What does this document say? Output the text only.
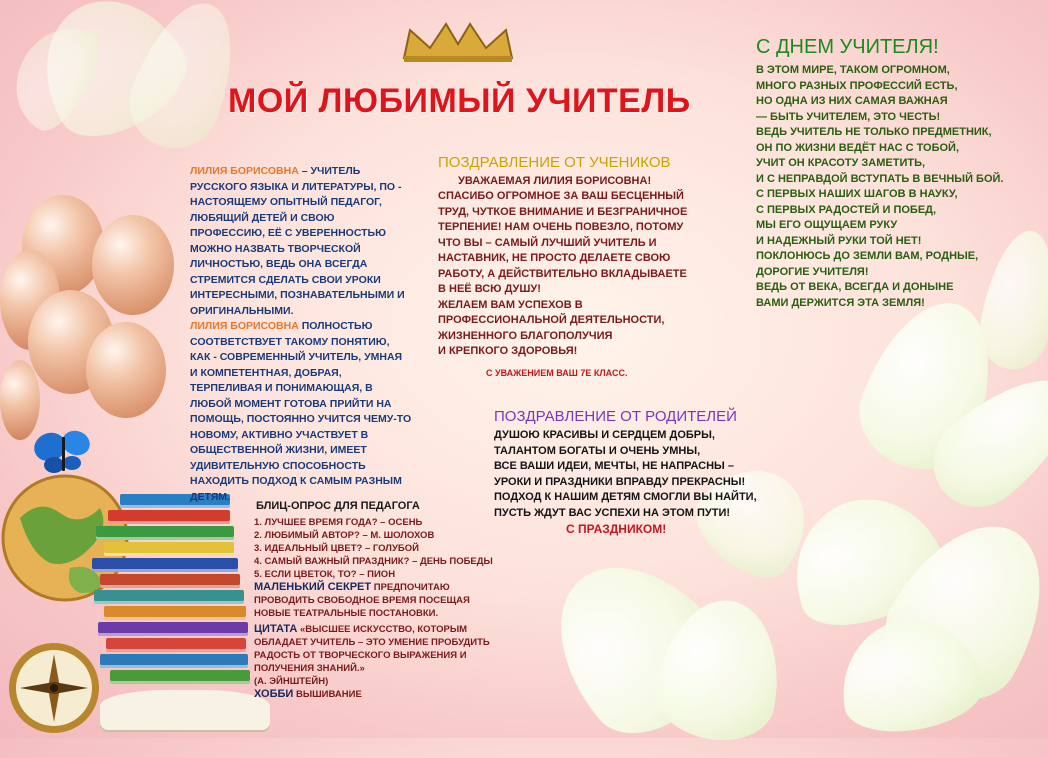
МОЙ ЛЮБИМЫЙ УЧИТЕЛЬ
ЛИЛИЯ БОРИСОВНА – УЧИТЕЛЬ РУССКОГО ЯЗЫКА И ЛИТЕРАТУРЫ, ПО - НАСТОЯЩЕМУ ОПЫТНЫЙ ПЕДАГОГ, ЛЮБЯЩИЙ ДЕТЕЙ И СВОЮ ПРОФЕССИЮ, ЕЁ С УВЕРЕННОСТЬЮ МОЖНО НАЗВАТЬ ТВОРЧЕСКОЙ ЛИЧНОСТЬЮ, ВЕДЬ ОНА ВСЕГДА СТРЕМИТСЯ СДЕЛАТЬ СВОИ УРОКИ ИНТЕРЕСНЫМИ, ПОЗНАВАТЕЛЬНЫМИ И ОРИГИНАЛЬНЫМИ.
ЛИЛИЯ БОРИСОВНА ПОЛНОСТЬЮ СООТВЕТСТВУЕТ ТАКОМУ ПОНЯТИЮ, КАК - СОВРЕМЕННЫЙ УЧИТЕЛЬ, УМНАЯ И КОМПЕТЕНТНАЯ, ДОБРАЯ, ТЕРПЕЛИВАЯ И ПОНИМАЮЩАЯ, В ЛЮБОЙ МОМЕНТ ГОТОВА ПРИЙТИ НА ПОМОЩЬ, ПОСТОЯННО УЧИТСЯ ЧЕМУ-ТО НОВОМУ, АКТИВНО УЧАСТВУЕТ В ОБЩЕСТВЕННОЙ ЖИЗНИ, ИМЕЕТ УДИВИТЕЛЬНУЮ СПОСОБНОСТЬ НАХОДИТЬ ПОДХОД К САМЫМ РАЗНЫМ ДЕТЯМ.
ПОЗДРАВЛЕНИЕ ОТ УЧЕНИКОВ
УВАЖАЕМАЯ ЛИЛИЯ БОРИСОВНА!
СПАСИБО ОГРОМНОЕ ЗА ВАШ БЕСЦЕННЫЙ
ТРУД, ЧУТКОЕ ВНИМАНИЕ И БЕЗГРАНИЧНОЕ
ТЕРПЕНИЕ! НАМ ОЧЕНЬ ПОВЕЗЛО, ПОТОМУ
ЧТО ВЫ – САМЫЙ ЛУЧШИЙ УЧИТЕЛЬ И
НАСТАВНИК, НЕ ПРОСТО ДЕЛАЕТЕ СВОЮ
РАБОТУ, А ДЕЙСТВИТЕЛЬНО ВКЛАДЫВАЕТЕ
В НЕЁ ВСЮ ДУШУ!
ЖЕЛАЕМ ВАМ УСПЕХОВ В
ПРОФЕССИОНАЛЬНОЙ ДЕЯТЕЛЬНОСТИ,
ЖИЗНЕННОГО БЛАГОПОЛУЧИЯ
И КРЕПКОГО ЗДОРОВЬЯ!
С УВАЖЕНИЕМ ВАШ 7Е КЛАСС.
С ДНЕМ УЧИТЕЛЯ!
В ЭТОМ МИРЕ, ТАКОМ ОГРОМНОМ,
МНОГО РАЗНЫХ ПРОФЕССИЙ ЕСТЬ,
НО ОДНА ИЗ НИХ САМАЯ ВАЖНАЯ
— БЫТЬ УЧИТЕЛЕМ, ЭТО ЧЕСТЬ!
ВЕДЬ УЧИТЕЛЬ НЕ ТОЛЬКО ПРЕДМЕТНИК,
ОН ПО ЖИЗНИ ВЕДЁТ НАС С ТОБОЙ,
УЧИТ ОН КРАСОТУ ЗАМЕТИТЬ,
И С НЕПРАВДОЙ ВСТУПАТЬ В ВЕЧНЫЙ БОЙ.
С ПЕРВЫХ НАШИХ ШАГОВ В НАУКУ,
С ПЕРВЫХ РАДОСТЕЙ И ПОБЕД,
МЫ ЕГО ОЩУЩАЕМ РУКУ
И НАДЕЖНЫЙ РУКИ ТОЙ НЕТ!
ПОКЛОНЮСЬ ДО ЗЕМЛИ ВАМ, РОДНЫЕ,
ДОРОГИЕ УЧИТЕЛЯ!
ВЕДЬ ОТ ВЕКА, ВСЕГДА И ДОНЫНЕ
ВАМИ ДЕРЖИТСЯ ЭТА ЗЕМЛЯ!
ПОЗДРАВЛЕНИЕ ОТ РОДИТЕЛЕЙ
ДУШОЮ КРАСИВЫ И СЕРДЦЕМ ДОБРЫ,
ТАЛАНТОМ БОГАТЫ И ОЧЕНЬ УМНЫ,
ВСЕ ВАШИ ИДЕИ, МЕЧТЫ, НЕ НАПРАСНЫ –
УРОКИ И ПРАЗДНИКИ ВПРАВДУ ПРЕКРАСНЫ!
ПОДХОД К НАШИМ ДЕТЯМ СМОГЛИ ВЫ НАЙТИ,
ПУСТЬ ЖДУТ ВАС УСПЕХИ НА ЭТОМ ПУТИ!
С ПРАЗДНИКОМ!
БЛИЦ-ОПРОС ДЛЯ ПЕДАГОГА
1. ЛУЧШЕЕ ВРЕМЯ ГОДА? – ОСЕНЬ
2. ЛЮБИМЫЙ АВТОР? – М. ШОЛОХОВ
3. ИДЕАЛЬНЫЙ ЦВЕТ? – ГОЛУБОЙ
4. САМЫЙ ВАЖНЫЙ ПРАЗДНИК? – ДЕНЬ ПОБЕДЫ
5. ЕСЛИ ЦВЕТОК, ТО? – ПИОН
МАЛЕНЬКИЙ СЕКРЕТ ПРЕДПОЧИТАЮ ПРОВОДИТЬ СВОБОДНОЕ ВРЕМЯ ПОСЕЩАЯ НОВЫЕ ТЕАТРАЛЬНЫЕ ПОСТАНОВКИ.
ЦИТАТА «ВЫСШЕЕ ИСКУССТВО, КОТОРЫМ ОБЛАДАЕТ УЧИТЕЛЬ – ЭТО УМЕНИЕ ПРОБУДИТЬ РАДОСТЬ ОТ ТВОРЧЕСКОГО ВЫРАЖЕНИЯ И ПОЛУЧЕНИЯ ЗНАНИЙ.»
(А. ЭЙНШТЕЙН)
ХОББИ ВЫШИВАНИЕ
